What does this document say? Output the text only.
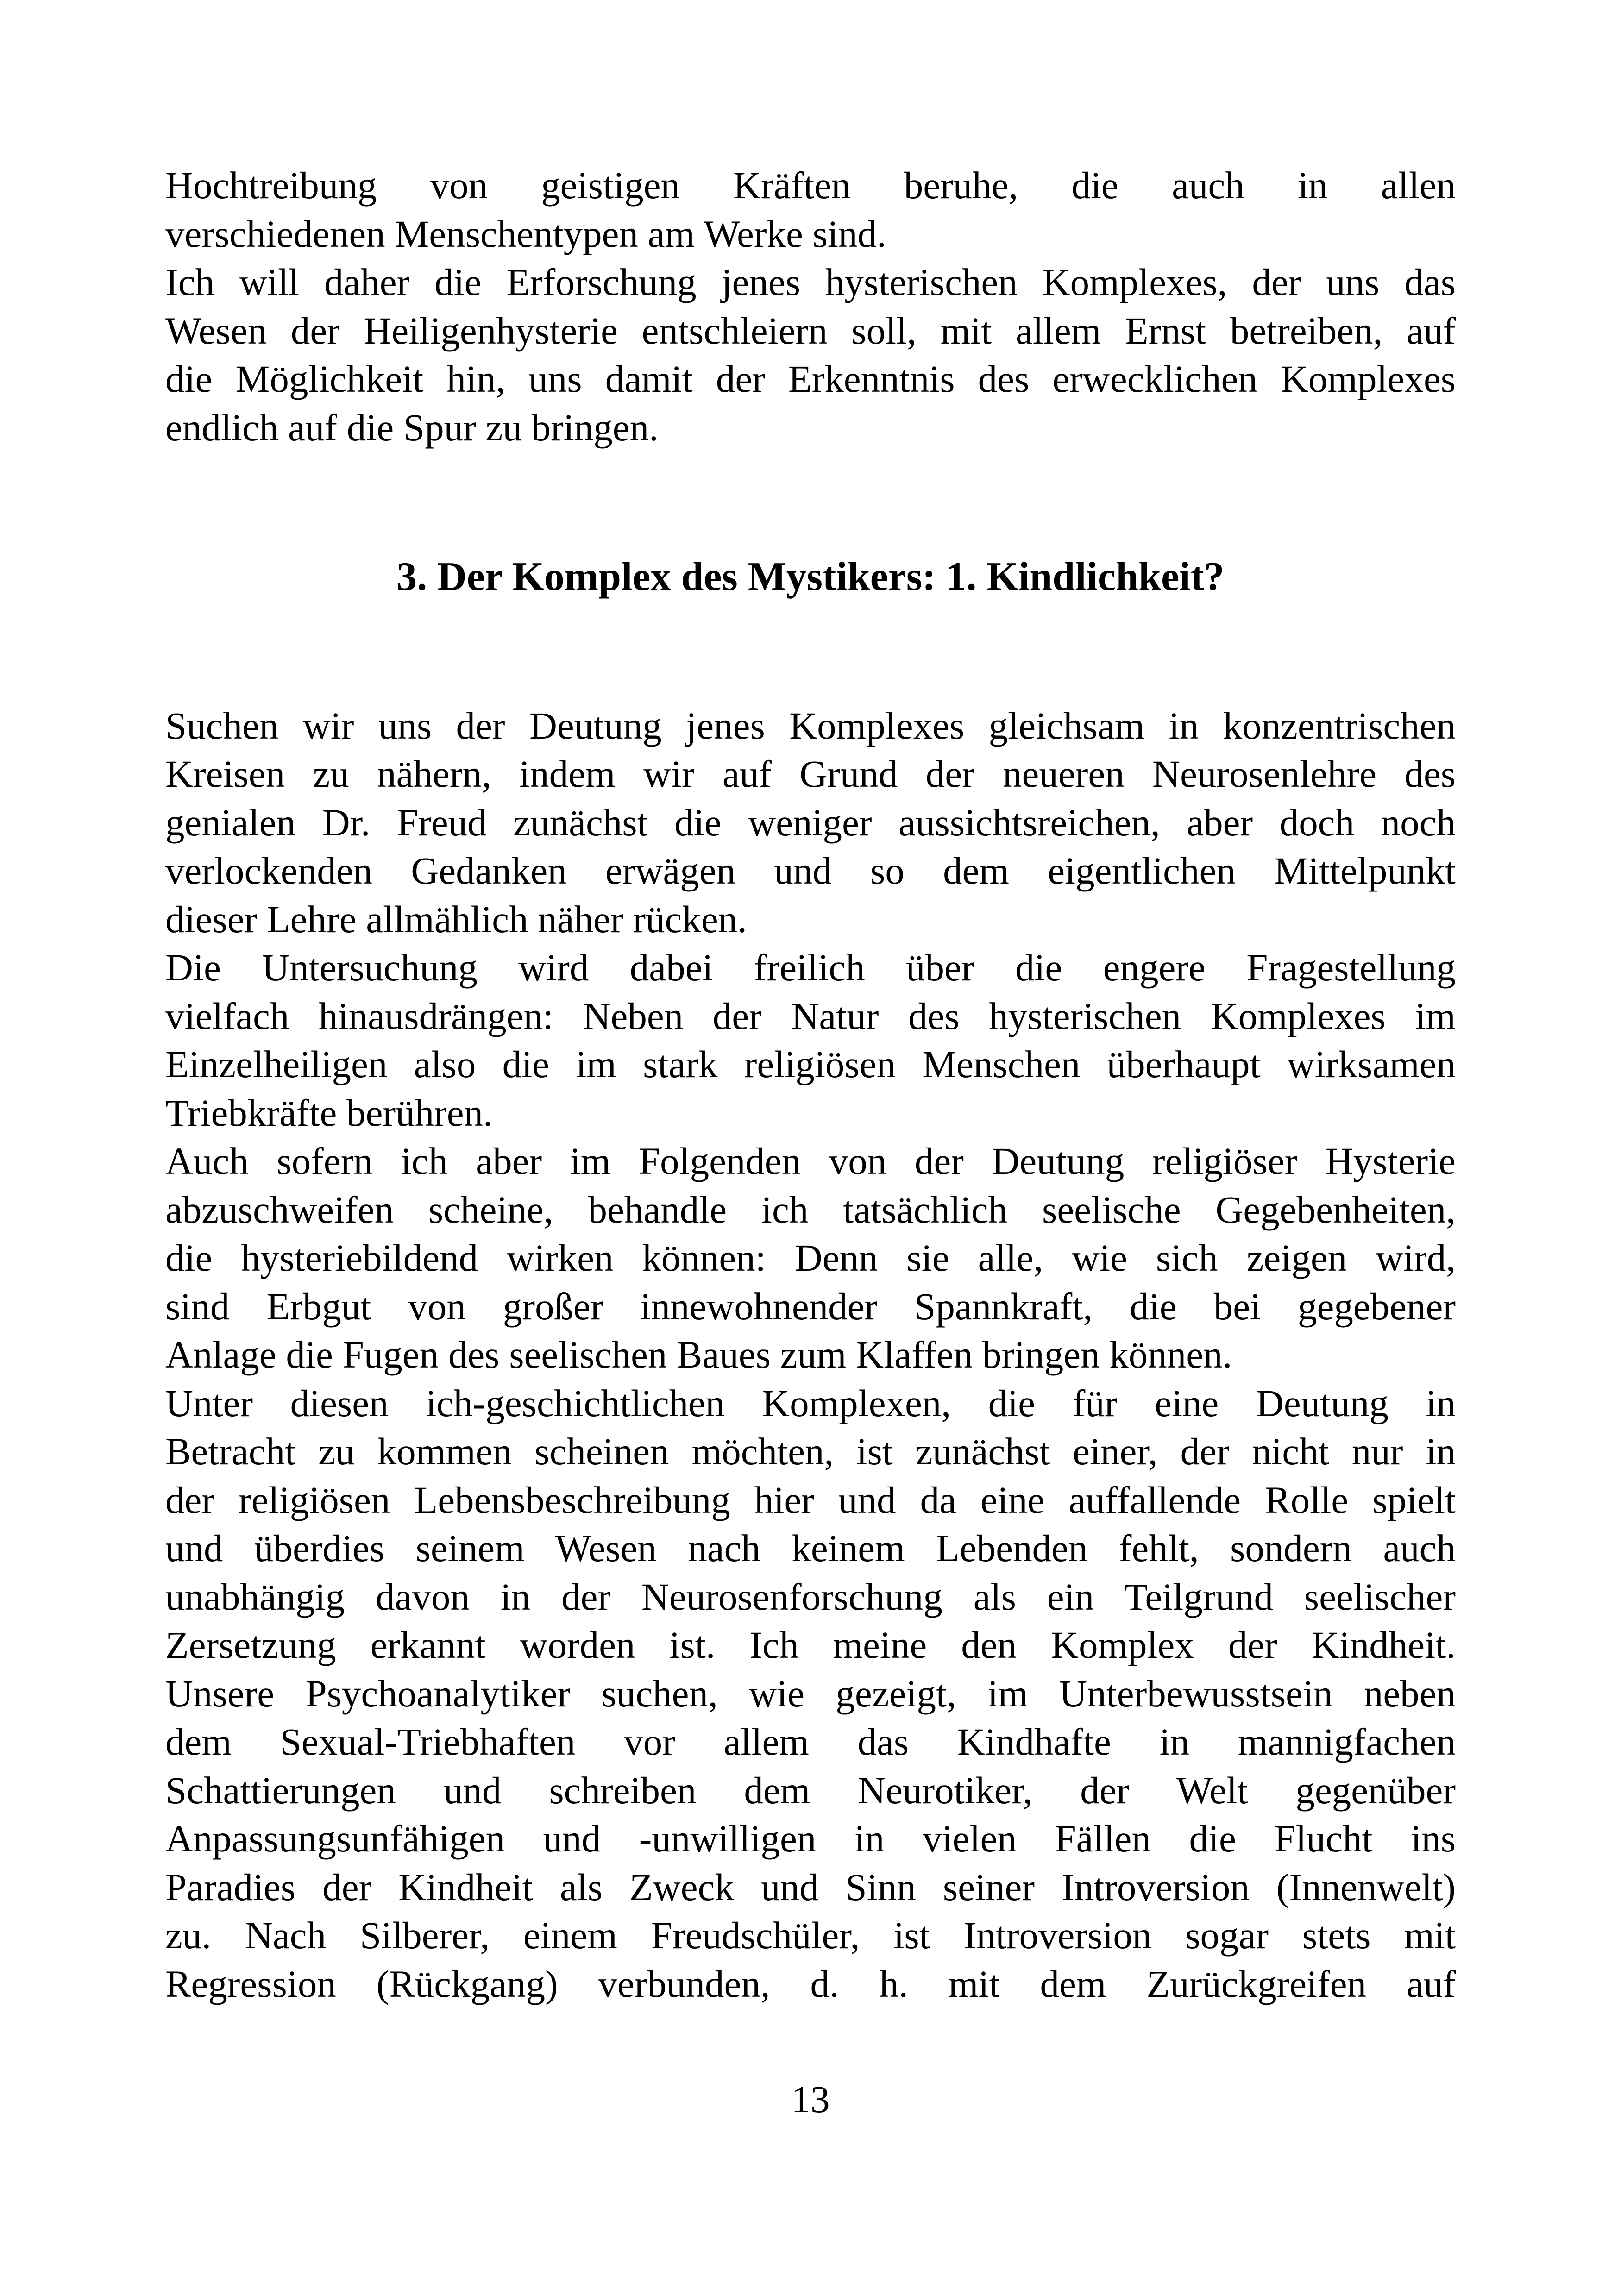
Hochtreibung von geistigen Kräften beruhe, die auch in allen
verschiedenen Menschentypen am Werke sind.
Ich will daher die Erforschung jenes hysterischen Komplexes, der uns das
Wesen der Heiligenhysterie entschleiern soll, mit allem Ernst betreiben, auf
die Möglichkeit hin, uns damit der Erkenntnis des erwecklichen Komplexes
endlich auf die Spur zu bringen.
3. Der Komplex des Mystikers: 1. Kindlichkeit?
Suchen wir uns der Deutung jenes Komplexes gleichsam in konzentrischen
Kreisen zu nähern, indem wir auf Grund der neueren Neurosenlehre des
genialen Dr. Freud zunächst die weniger aussichtsreichen, aber doch noch
verlockenden Gedanken erwägen und so dem eigentlichen Mittelpunkt
dieser Lehre allmählich näher rücken.
Die Untersuchung wird dabei freilich über die engere Fragestellung
vielfach hinausdrängen: Neben der Natur des hysterischen Komplexes im
Einzelheiligen also die im stark religiösen Menschen überhaupt wirksamen
Triebkräfte berühren.
Auch sofern ich aber im Folgenden von der Deutung religiöser Hysterie
abzuschweifen scheine, behandle ich tatsächlich seelische Gegebenheiten,
die hysteriebildend wirken können: Denn sie alle, wie sich zeigen wird,
sind Erbgut von großer innewohnender Spannkraft, die bei gegebener
Anlage die Fugen des seelischen Baues zum Klaffen bringen können.
Unter diesen ich-geschichtlichen Komplexen, die für eine Deutung in
Betracht zu kommen scheinen möchten, ist zunächst einer, der nicht nur in
der religiösen Lebensbeschreibung hier und da eine auffallende Rolle spielt
und überdies seinem Wesen nach keinem Lebenden fehlt, sondern auch
unabhängig davon in der Neurosenforschung als ein Teilgrund seelischer
Zersetzung erkannt worden ist. Ich meine den Komplex der Kindheit.
Unsere Psychoanalytiker suchen, wie gezeigt, im Unterbewusstsein neben
dem Sexual-Triebhaften vor allem das Kindhafte in mannigfachen
Schattierungen und schreiben dem Neurotiker, der Welt gegenüber
Anpassungsunfähigen und -unwilligen in vielen Fällen die Flucht ins
Paradies der Kindheit als Zweck und Sinn seiner Introversion (Innenwelt)
zu. Nach Silberer, einem Freudschüler, ist Introversion sogar stets mit
Regression (Rückgang) verbunden, d. h. mit dem Zurückgreifen auf
13
